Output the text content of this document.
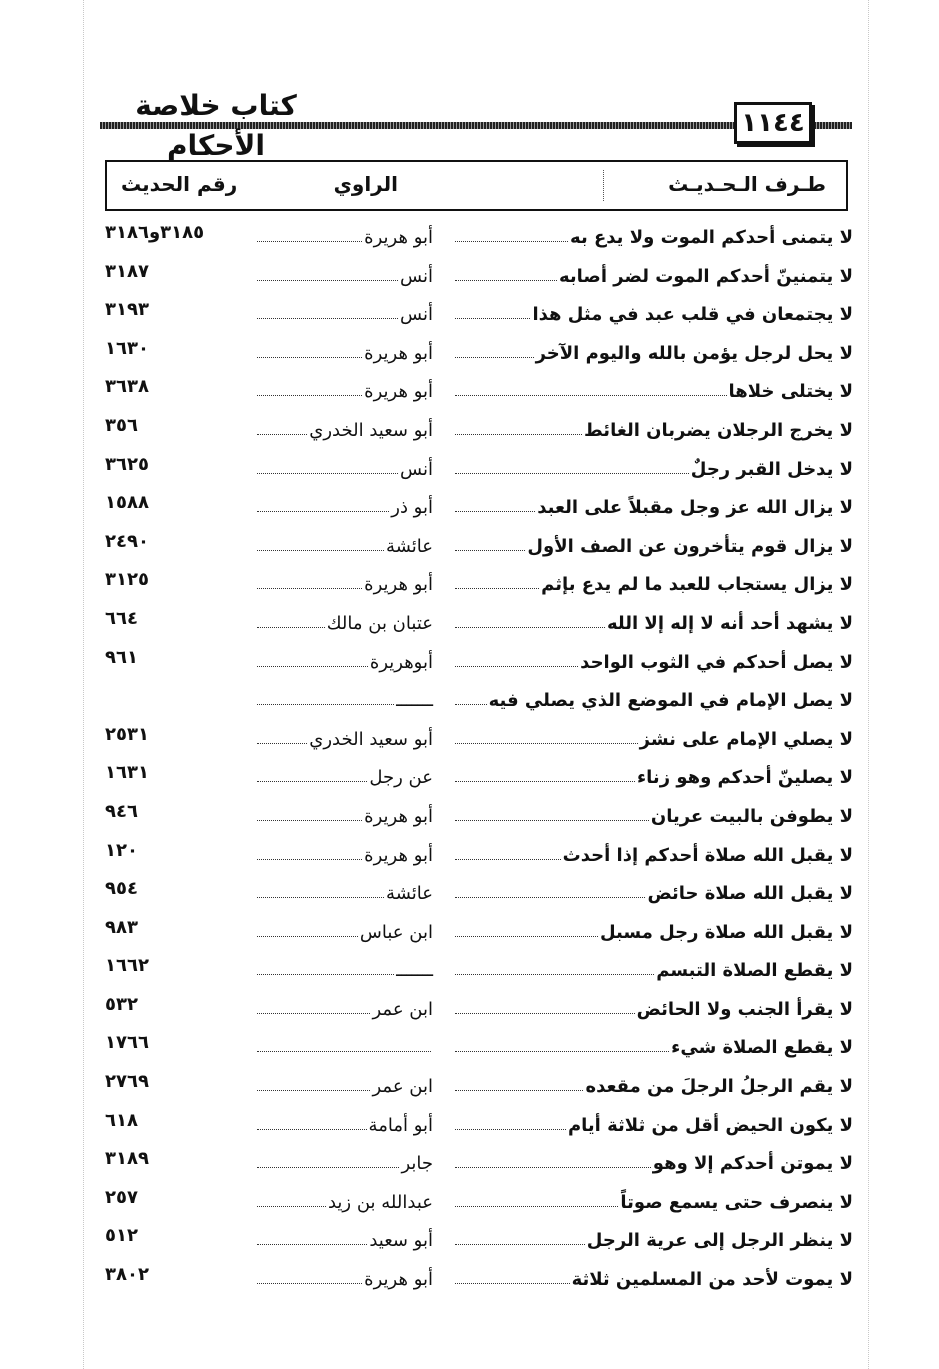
كتاب خلاصة الأحكام
١١٤٤
طـرف الـحـديـث
الراوي
رقم الحديث
لا يتمنى أحدكم الموت ولا يدع به
أبو هريرة
٣١٨٥و٣١٨٦
لا يتمنينّ أحدكم الموت لضر أصابه
أنس
٣١٨٧
لا يجتمعان في قلب عبد في مثل هذا
أنس
٣١٩٣
لا يحل لرجل يؤمن بالله واليوم الآخر
أبو هريرة
١٦٣٠
لا يختلى خلاها
أبو هريرة
٣٦٣٨
لا يخرج الرجلان يضربان الغائط
أبو سعيد الخدري
٣٥٦
لا يدخل القبر رجلٌ
أنس
٣٦٢٥
لا يزال الله عز وجل مقبلاً على العبد
أبو ذر
١٥٨٨
لا يزال قوم يتأخرون عن الصف الأول
عائشة
٢٤٩٠
لا يزال يستجاب للعبد ما لم يدع بإثم
أبو هريرة
٣١٢٥
لا يشهد أحد أنه لا إله إلا الله
عتبان بن مالك
٦٦٤
لا يصل أحدكم في الثوب الواحد
أبوهريرة
٩٦١
لا يصل الإمام في الموضع الذي يصلي فيه
ـــــــ
لا يصلي الإمام على نشز
أبو سعيد الخدري
٢٥٣١
لا يصلينّ أحدكم وهو زناء
عن رجل
١٦٣١
لا يطوفن بالبيت عريان
أبو هريرة
٩٤٦
لا يقبل الله صلاة أحدكم إذا أحدث
أبو هريرة
١٢٠
لا يقبل الله صلاة حائض
عائشة
٩٥٤
لا يقبل الله صلاة رجل مسبل
ابن عباس
٩٨٣
لا يقطع الصلاة التبسم
ـــــــ
١٦٦٢
لا يقرأ الجنب ولا الحائض
ابن عمر
٥٣٢
لا يقطع الصلاة شيء
١٧٦٦
لا يقم الرجلُ الرجلَ من مقعده
ابن عمر
٢٧٦٩
لا يكون الحيض أقل من ثلاثة أيام
أبو أمامة
٦١٨
لا يموتن أحدكم إلا وهو
جابر
٣١٨٩
لا ينصرف حتى يسمع صوتاً
عبدالله بن زيد
٢٥٧
لا ينظر الرجل إلى عرية الرجل
أبو سعيد
٥١٢
لا يموت لأحد من المسلمين ثلاثة
أبو هريرة
٣٨٠٢
